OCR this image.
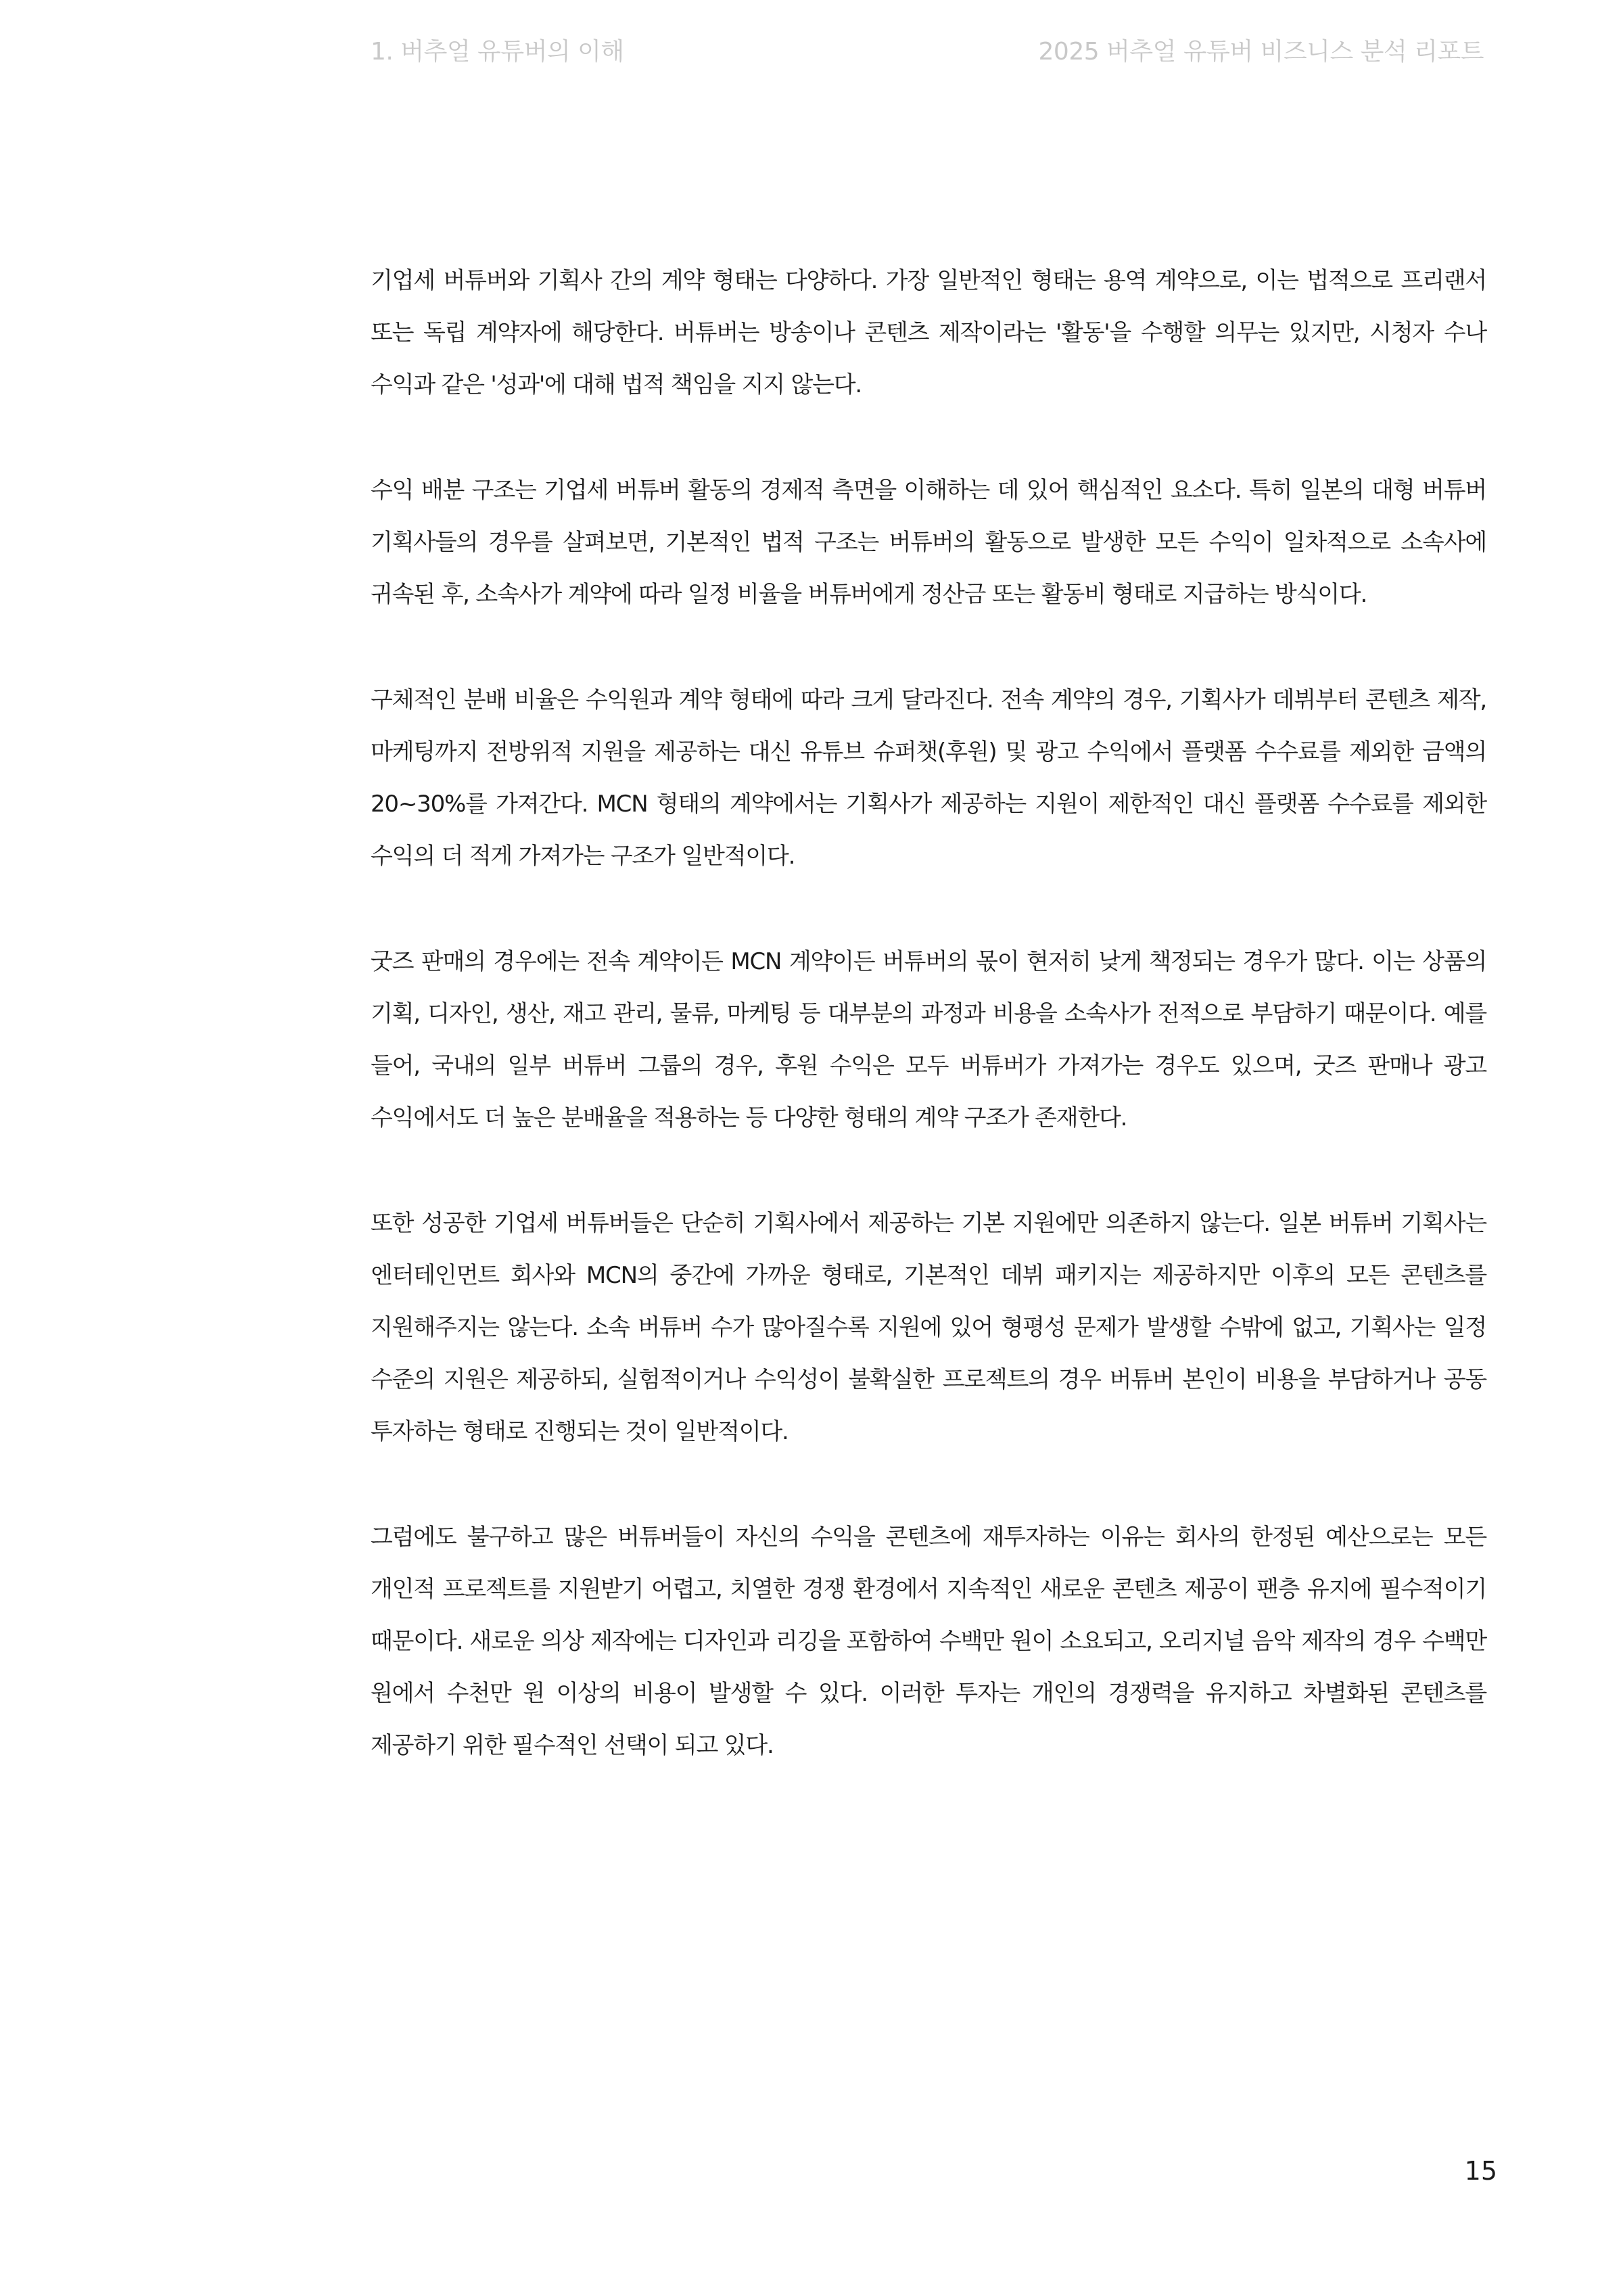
1. 버추얼 유튜버의 이해	2025 버추얼 유튜버 비즈니스 분석 리포트

기업세 버튜버와 기획사 간의 계약 형태는 다양하다. 가장 일반적인 형태는 용역 계약으로, 이는 법적으로 프리랜서 또는 독립 계약자에 해당한다. 버튜버는 방송이나 콘텐츠 제작이라는 '활동'을 수행할 의무는 있지만, 시청자 수나 수익과 같은 '성과'에 대해 법적 책임을 지지 않는다.

수익 배분 구조는 기업세 버튜버 활동의 경제적 측면을 이해하는 데 있어 핵심적인 요소다. 특히 일본의 대형 버튜버 기획사들의 경우를 살펴보면, 기본적인 법적 구조는 버튜버의 활동으로 발생한 모든 수익이 일차적으로 소속사에 귀속된 후, 소속사가 계약에 따라 일정 비율을 버튜버에게 정산금 또는 활동비 형태로 지급하는 방식이다.

구체적인 분배 비율은 수익원과 계약 형태에 따라 크게 달라진다. 전속 계약의 경우, 기획사가 데뷔부터 콘텐츠 제작, 마케팅까지 전방위적 지원을 제공하는 대신 유튜브 슈퍼챗(후원) 및 광고 수익에서 플랫폼 수수료를 제외한 금액의 20~30%를 가져간다. MCN 형태의 계약에서는 기획사가 제공하는 지원이 제한적인 대신 플랫폼 수수료를 제외한 수익의 더 적게 가져가는 구조가 일반적이다.

굿즈 판매의 경우에는 전속 계약이든 MCN 계약이든 버튜버의 몫이 현저히 낮게 책정되는 경우가 많다. 이는 상품의 기획, 디자인, 생산, 재고 관리, 물류, 마케팅 등 대부분의 과정과 비용을 소속사가 전적으로 부담하기 때문이다. 예를 들어, 국내의 일부 버튜버 그룹의 경우, 후원 수익은 모두 버튜버가 가져가는 경우도 있으며, 굿즈 판매나 광고 수익에서도 더 높은 분배율을 적용하는 등 다양한 형태의 계약 구조가 존재한다.

또한 성공한 기업세 버튜버들은 단순히 기획사에서 제공하는 기본 지원에만 의존하지 않는다. 일본 버튜버 기획사는 엔터테인먼트 회사와 MCN의 중간에 가까운 형태로, 기본적인 데뷔 패키지는 제공하지만 이후의 모든 콘텐츠를 지원해주지는 않는다. 소속 버튜버 수가 많아질수록 지원에 있어 형평성 문제가 발생할 수밖에 없고, 기획사는 일정 수준의 지원은 제공하되, 실험적이거나 수익성이 불확실한 프로젝트의 경우 버튜버 본인이 비용을 부담하거나 공동 투자하는 형태로 진행되는 것이 일반적이다.

그럼에도 불구하고 많은 버튜버들이 자신의 수익을 콘텐츠에 재투자하는 이유는 회사의 한정된 예산으로는 모든 개인적 프로젝트를 지원받기 어렵고, 치열한 경쟁 환경에서 지속적인 새로운 콘텐츠 제공이 팬층 유지에 필수적이기 때문이다. 새로운 의상 제작에는 디자인과 리깅을 포함하여 수백만 원이 소요되고, 오리지널 음악 제작의 경우 수백만 원에서 수천만 원 이상의 비용이 발생할 수 있다. 이러한 투자는 개인의 경쟁력을 유지하고 차별화된 콘텐츠를 제공하기 위한 필수적인 선택이 되고 있다.

15
